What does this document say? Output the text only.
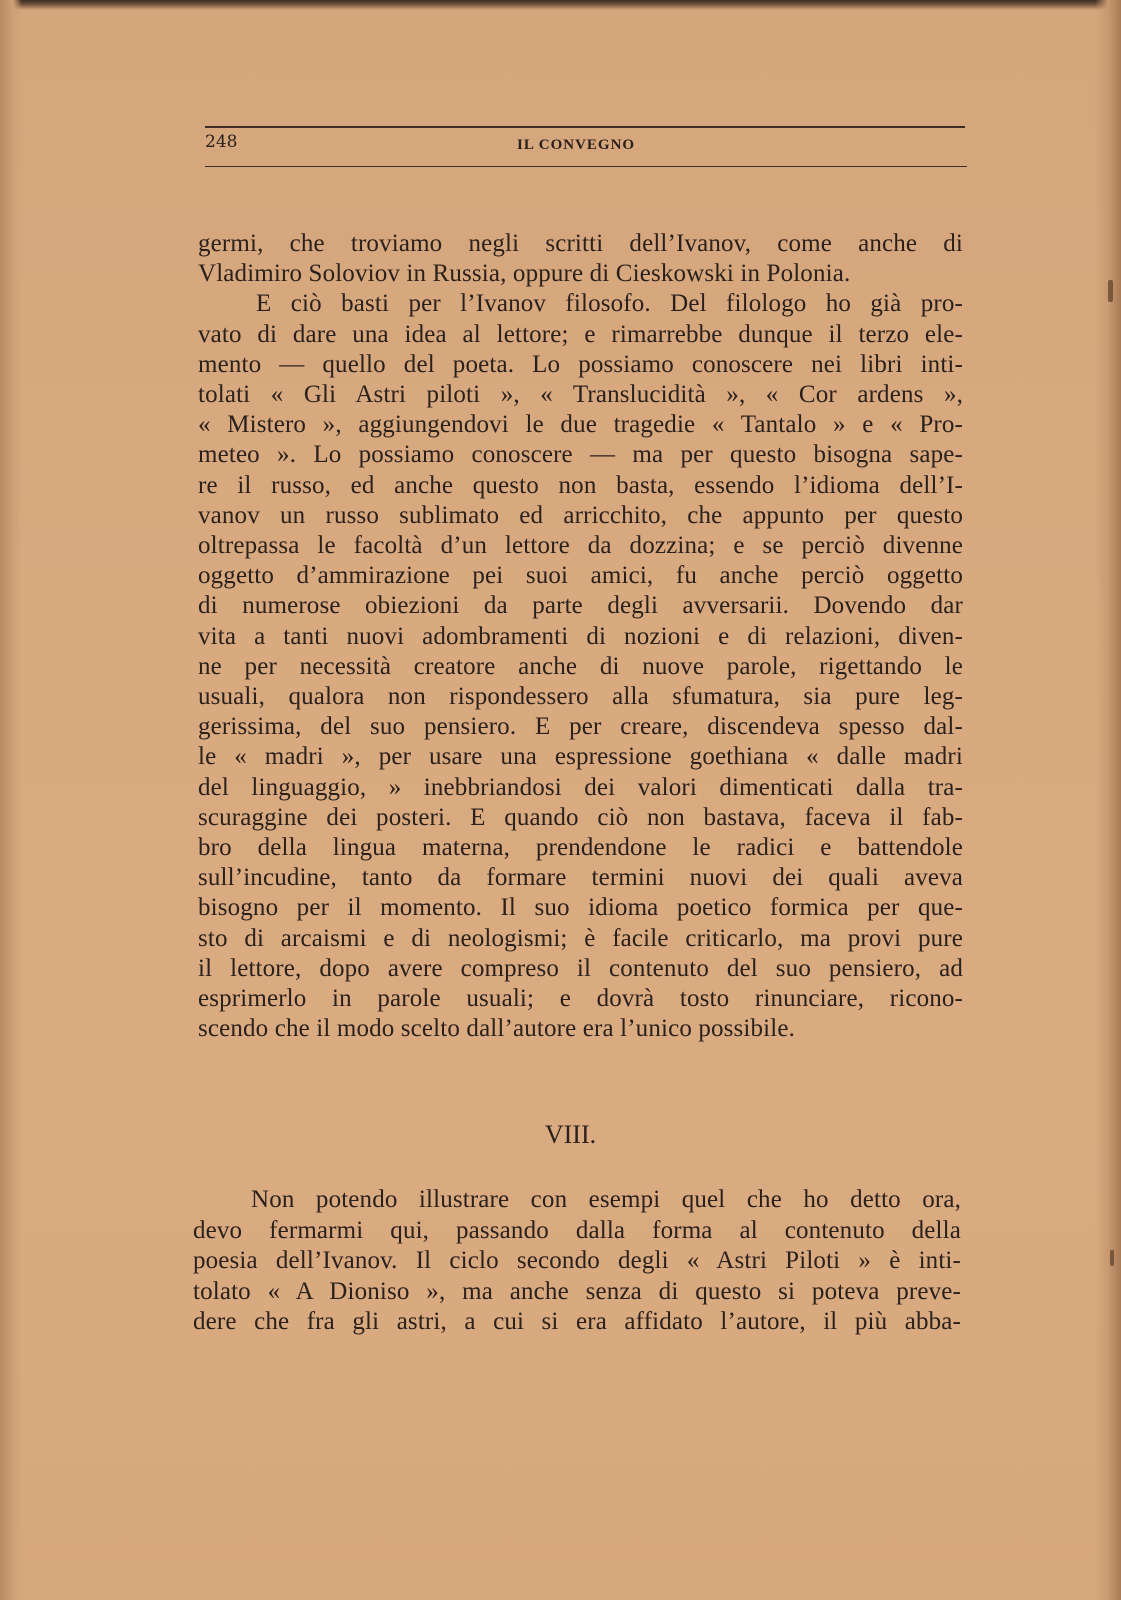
248	IL CONVEGNO
germi, che troviamo negli scritti dell’Ivanov, come anche di
Vladimiro Soloviov in Russia, oppure di Cieskowski in Polonia.
E ciò basti per l’Ivanov filosofo. Del filologo ho già pro-
vato di dare una idea al lettore; e rimarrebbe dunque il terzo ele-
mento — quello del poeta. Lo possiamo conoscere nei libri inti-
tolati « Gli Astri piloti », « Translucidità », « Cor ardens »,
« Mistero », aggiungendovi le due tragedie « Tantalo » e « Pro-
meteo ». Lo possiamo conoscere — ma per questo bisogna sape-
re il russo, ed anche questo non basta, essendo l’idioma dell’I-
vanov un russo sublimato ed arricchito, che appunto per questo
oltrepassa le facoltà d’un lettore da dozzina; e se perciò divenne
oggetto d’ammirazione pei suoi amici, fu anche perciò oggetto
di numerose obiezioni da parte degli avversarii. Dovendo dar
vita a tanti nuovi adombramenti di nozioni e di relazioni, diven-
ne per necessità creatore anche di nuove parole, rigettando le
usuali, qualora non rispondessero alla sfumatura, sia pure leg-
gerissima, del suo pensiero. E per creare, discendeva spesso dal-
le « madri », per usare una espressione goethiana « dalle madri
del linguaggio, » inebbriandosi dei valori dimenticati dalla tra-
scuraggine dei posteri. E quando ciò non bastava, faceva il fab-
bro della lingua materna, prendendone le radici e battendole
sull’incudine, tanto da formare termini nuovi dei quali aveva
bisogno per il momento. Il suo idioma poetico formica per que-
sto di arcaismi e di neologismi; è facile criticarlo, ma provi pure
il lettore, dopo avere compreso il contenuto del suo pensiero, ad
esprimerlo in parole usuali; e dovrà tosto rinunciare, ricono-
scendo che il modo scelto dall’autore era l’unico possibile.
VIII.
Non potendo illustrare con esempi quel che ho detto ora,
devo fermarmi qui, passando dalla forma al contenuto della
poesia dell’Ivanov. Il ciclo secondo degli « Astri Piloti » è inti-
tolato « A Dioniso », ma anche senza di questo si poteva preve-
dere che fra gli astri, a cui si era affidato l’autore, il più abba-
